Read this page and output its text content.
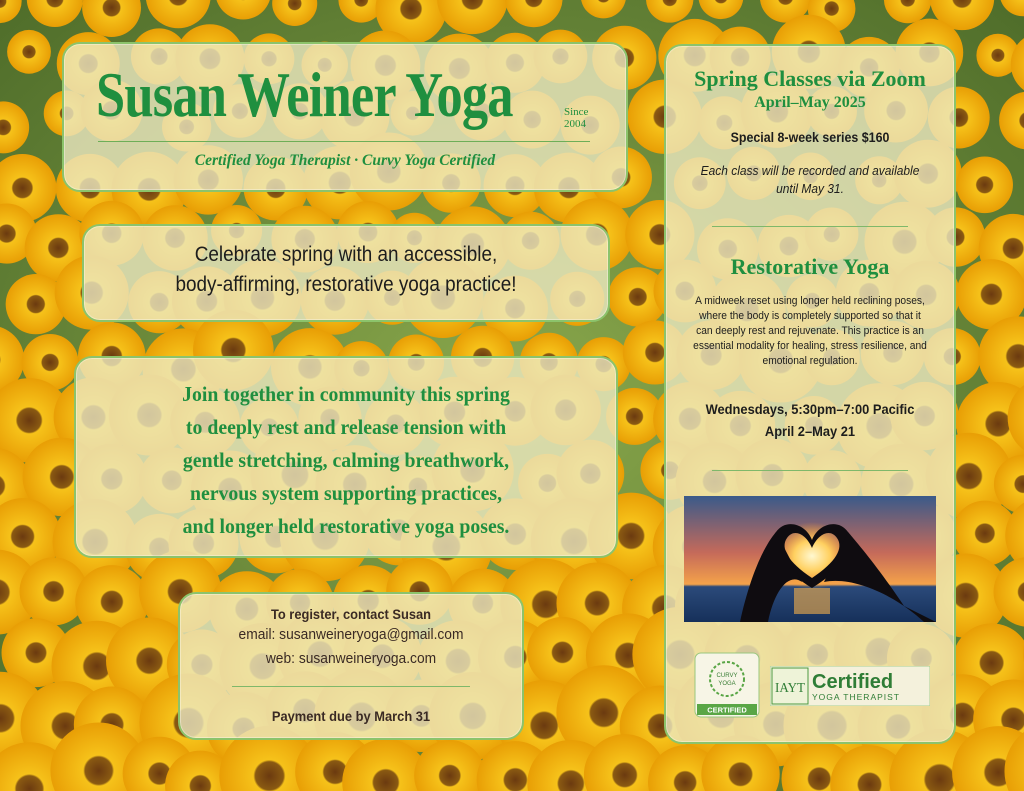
Susan Weiner Yoga	Since
2004
Certified Yoga Therapist · Curvy Yoga Certified
Celebrate spring with an accessible,
body-affirming, restorative yoga practice!
Join together in community this spring
to deeply rest and release tension with
gentle stretching, calming breathwork,
nervous system supporting practices,
and longer held restorative yoga poses.
To register, contact Susan
email: susanweineryoga@gmail.com
web: susanweineryoga.com
Payment due by March 31
Spring Classes via Zoom
April–May 2025
Special 8-week series $160
Each class will be recorded and available until May 31.
Restorative Yoga
A midweek reset using longer held reclining poses, where the body is completely supported so that it can deeply rest and rejuvenate. This practice is an essential modality for healing, stress resilience, and emotional regulation.
Wednesdays, 5:30pm–7:00 Pacific
April 2–May 21
CURVY
YOGA
CERTIFIED
IAYT Certified
YOGA THERAPIST
